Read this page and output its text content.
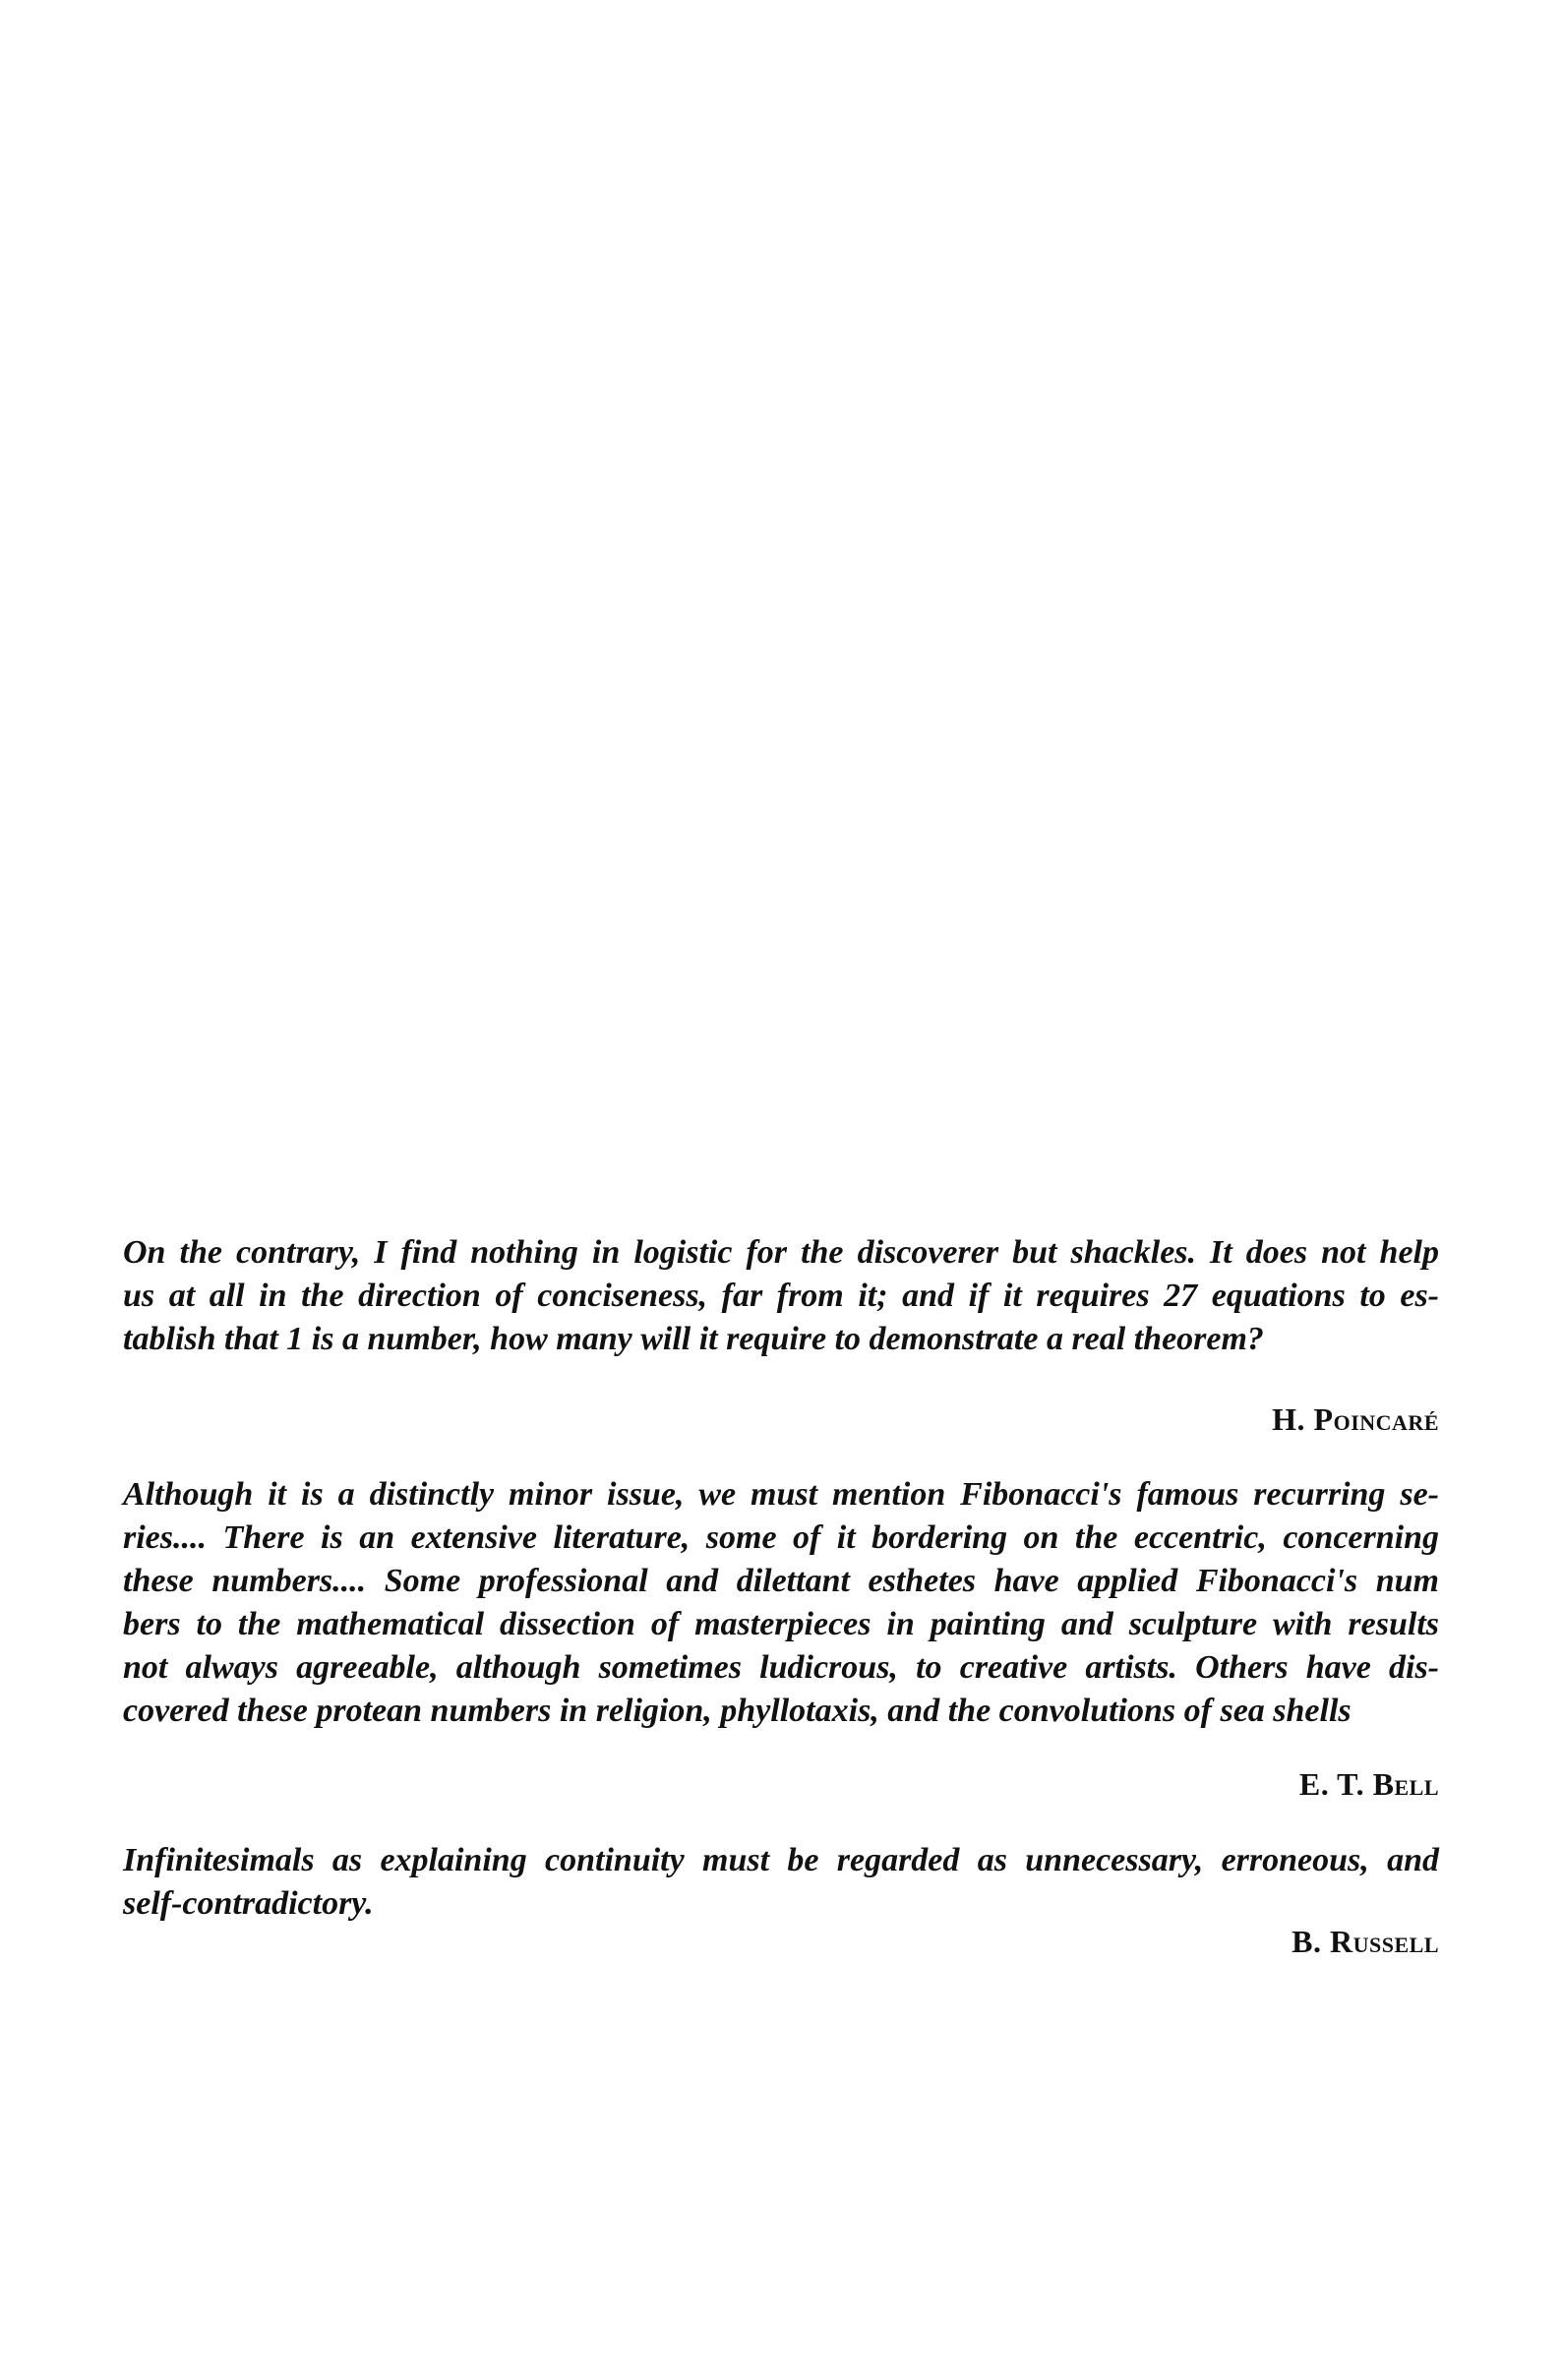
On the contrary, I find nothing in logistic for the discoverer but shackles. It does not help
us at all in the direction of conciseness, far from it; and if it requires 27 equations to es-
tablish that 1 is a number, how many will it require to demonstrate a real theorem?

H. Poincaré

Although it is a distinctly minor issue, we must mention Fibonacci's famous recurring se-
ries.... There is an extensive literature, some of it bordering on the eccentric, concerning
these numbers.... Some professional and dilettant esthetes have applied Fibonacci's num
bers to the mathematical dissection of masterpieces in painting and sculpture with results
not always agreeable, although sometimes ludicrous, to creative artists. Others have dis-
covered these protean numbers in religion, phyllotaxis, and the convolutions of sea shells

E. T. Bell

Infinitesimals as explaining continuity must be regarded as unnecessary, erroneous, and
self-contradictory.

B. Russell
